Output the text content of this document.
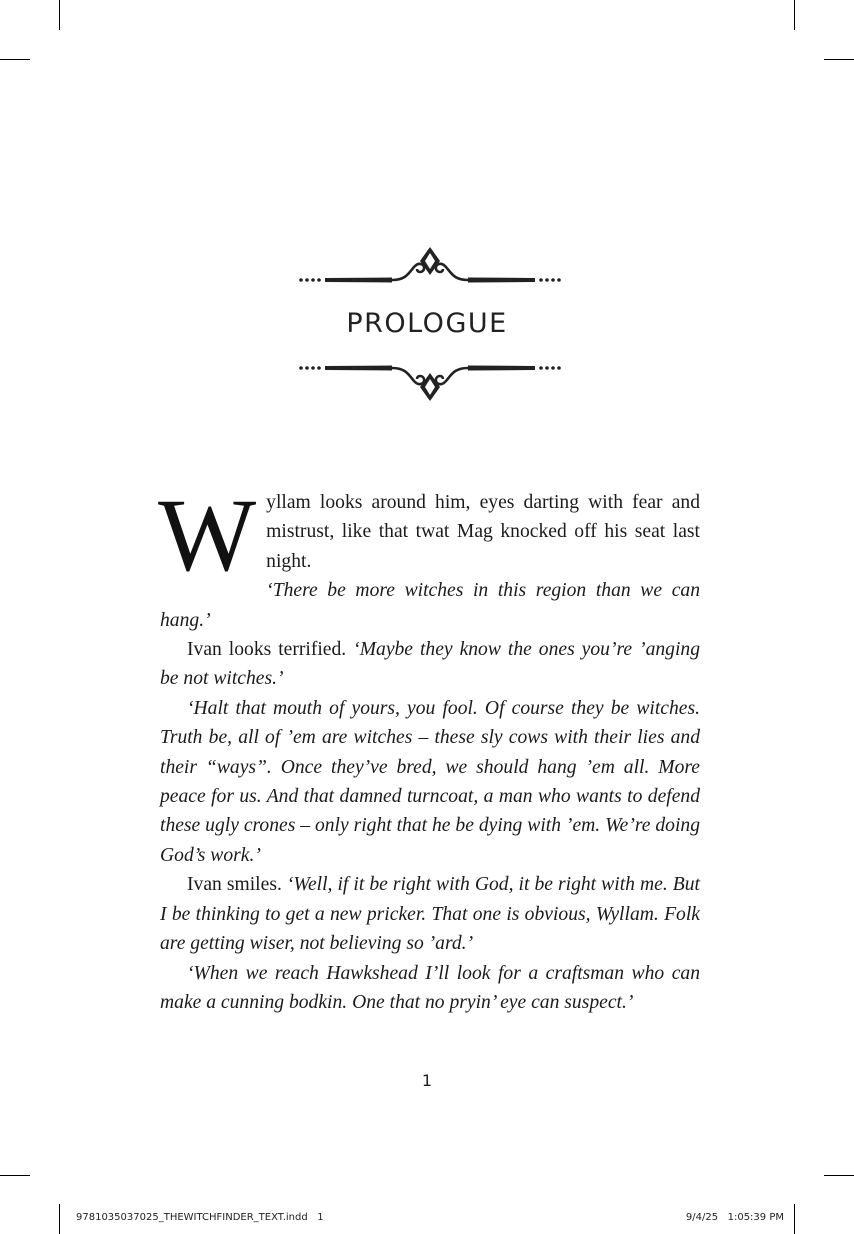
PROLOGUE

Wyllam looks around him, eyes darting with fear and mistrust, like that twat Mag knocked off his seat last night.

‘There be more witches in this region than we can hang.’

Ivan looks terrified. ‘Maybe they know the ones you’re ’anging be not witches.’

‘Halt that mouth of yours, you fool. Of course they be witches. Truth be, all of ’em are witches – these sly cows with their lies and their “ways”. Once they’ve bred, we should hang ’em all. More peace for us. And that damned turncoat, a man who wants to defend these ugly crones – only right that he be dying with ’em. We’re doing God’s work.’

Ivan smiles. ‘Well, if it be right with God, it be right with me. But I be thinking to get a new pricker. That one is obvious, Wyllam. Folk are getting wiser, not believing so ’ard.’

‘When we reach Hawkshead I’ll look for a craftsman who can make a cunning bodkin. One that no pryin’ eye can suspect.’

1
9781035037025_THEWITCHFINDER_TEXT.indd   1	9/4/25   1:05:39 PM
